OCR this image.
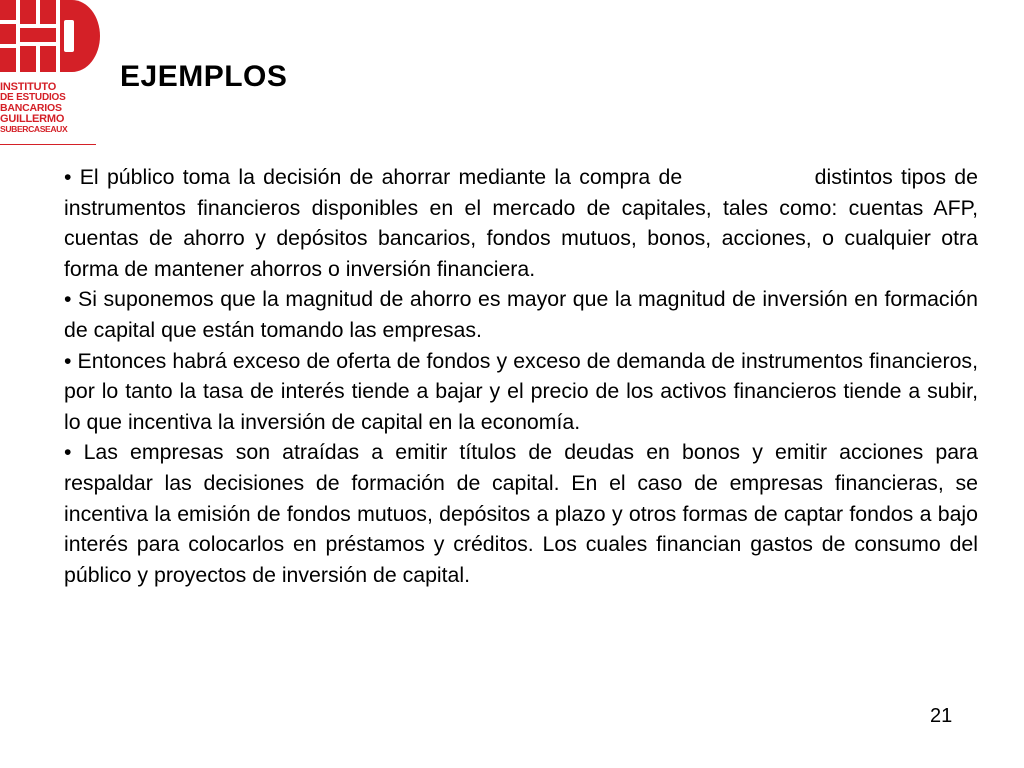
INSTITUTO
DE ESTUDIOS
BANCARIOS
GUILLERMO
SUBERCASEAUX
EJEMPLOS

• El público toma la decisión de ahorrar mediante la compra de                distintos tipos de instrumentos financieros disponibles en el mercado de capitales, tales como: cuentas AFP, cuentas de ahorro y depósitos bancarios, fondos mutuos, bonos, acciones, o cualquier otra forma de mantener ahorros o inversión financiera.

• Si suponemos que la magnitud de ahorro es mayor que la magnitud de inversión en formación de capital que están tomando las empresas.

• Entonces habrá exceso de oferta de fondos y exceso de demanda de instrumentos financieros, por lo tanto la tasa de interés tiende a bajar y el precio de los activos financieros tiende a subir, lo que incentiva la inversión de capital en la economía.

• Las empresas son atraídas a emitir títulos de deudas en bonos y emitir acciones para respaldar las decisiones de formación de capital. En el caso de empresas financieras, se incentiva la emisión de fondos mutuos, depósitos a plazo y otros formas de captar fondos a bajo interés para colocarlos en préstamos y créditos. Los cuales financian gastos de consumo del público y proyectos de inversión de capital.

21
